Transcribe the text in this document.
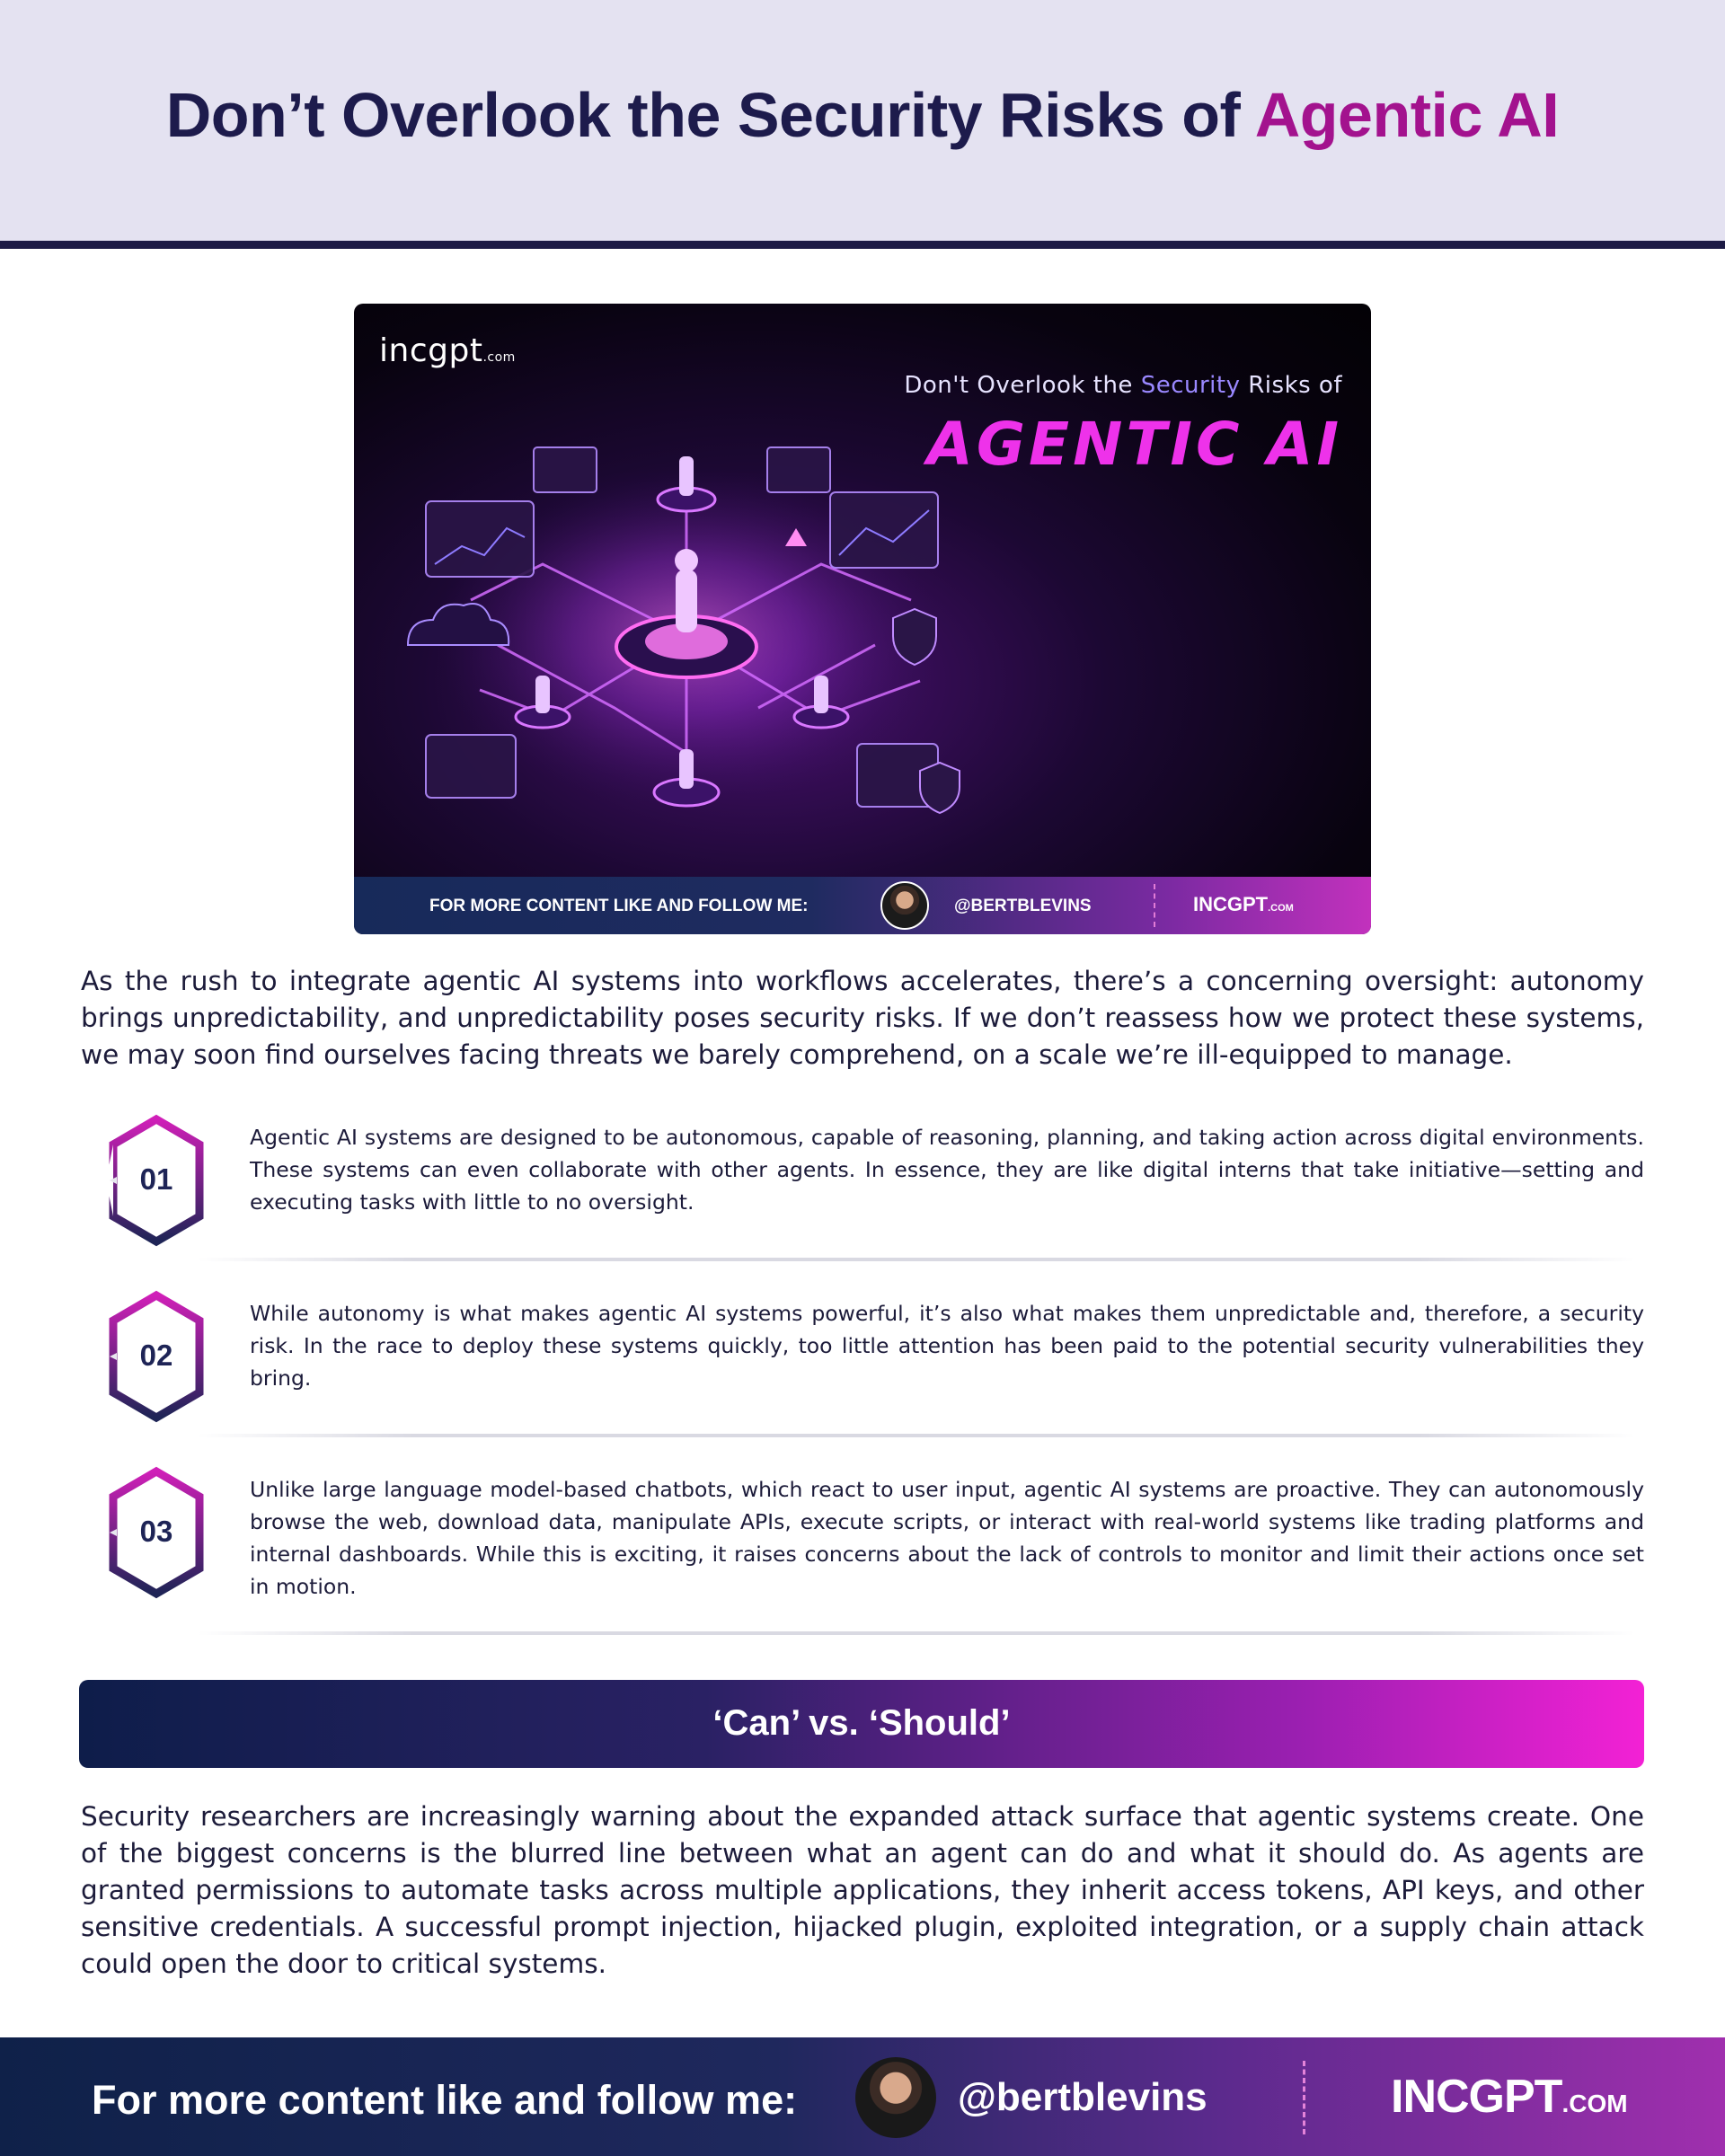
Don’t Overlook the Security Risks of Agentic AI
incgpt.com
Don't Overlook the Security Risks of
AGENTIC AI
FOR MORE CONTENT LIKE AND FOLLOW ME:	@BERTBLEVINS	INCGPT.COM

As the rush to integrate agentic AI systems into workflows accelerates, there’s a concerning oversight: autonomy brings unpredictability, and unpredictability poses security risks. If we don’t reassess how we protect these systems, we may soon find ourselves facing threats we barely comprehend, on a scale we’re ill-equipped to manage.

01

Agentic AI systems are designed to be autonomous, capable of reasoning, planning, and taking action across digital environments. These systems can even collaborate with other agents. In essence, they are like digital interns that take initiative—setting and executing tasks with little to no oversight.

02

While autonomy is what makes agentic AI systems powerful, it’s also what makes them unpredictable and, therefore, a security risk. In the race to deploy these systems quickly, too little attention has been paid to the potential security vulnerabilities they bring.

03

Unlike large language model-based chatbots, which react to user input, agentic AI systems are proactive. They can autonomously browse the web, download data, manipulate APIs, execute scripts, or interact with real-world systems like trading platforms and internal dashboards. While this is exciting, it raises concerns about the lack of controls to monitor and limit their actions once set in motion.

‘Can’ vs. ‘Should’

Security researchers are increasingly warning about the expanded attack surface that agentic systems create. One of the biggest concerns is the blurred line between what an agent can do and what it should do. As agents are granted permissions to automate tasks across multiple applications, they inherit access tokens, API keys, and other sensitive credentials. A successful prompt injection, hijacked plugin, exploited integration, or a supply chain attack could open the door to critical systems.

For more content like and follow me:	@bertblevins	INCGPT.COM
